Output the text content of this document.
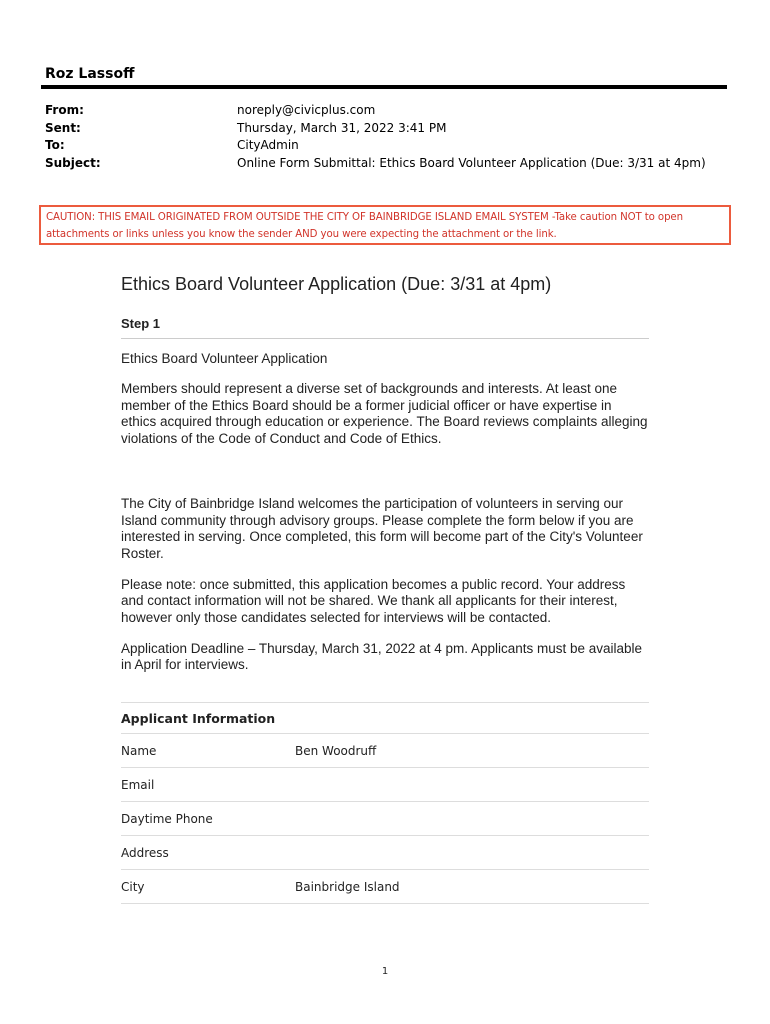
Roz Lassoff
From:	noreply@civicplus.com
Sent:	Thursday, March 31, 2022 3:41 PM
To:	CityAdmin
Subject:	Online Form Submittal: Ethics Board Volunteer Application (Due: 3/31 at 4pm)
CAUTION: THIS EMAIL ORIGINATED FROM OUTSIDE THE CITY OF BAINBRIDGE ISLAND EMAIL SYSTEM -Take caution NOT to open
attachments or links unless you know the sender AND you were expecting the attachment or the link.
Ethics Board Volunteer Application (Due: 3/31 at 4pm)
Step 1
Ethics Board Volunteer Application
Members should represent a diverse set of backgrounds and interests. At least one member of the Ethics Board should be a former judicial officer or have expertise in ethics acquired through education or experience. The Board reviews complaints alleging violations of the Code of Conduct and Code of Ethics.
The City of Bainbridge Island welcomes the participation of volunteers in serving our Island community through advisory groups. Please complete the form below if you are interested in serving. Once completed, this form will become part of the City's Volunteer Roster.
Please note: once submitted, this application becomes a public record. Your address and contact information will not be shared. We thank all applicants for their interest, however only those candidates selected for interviews will be contacted.
Application Deadline – Thursday, March 31, 2022 at 4 pm. Applicants must be available in April for interviews.
Applicant Information
Name	Ben Woodruff
Email
Daytime Phone
Address
City	Bainbridge Island
1
